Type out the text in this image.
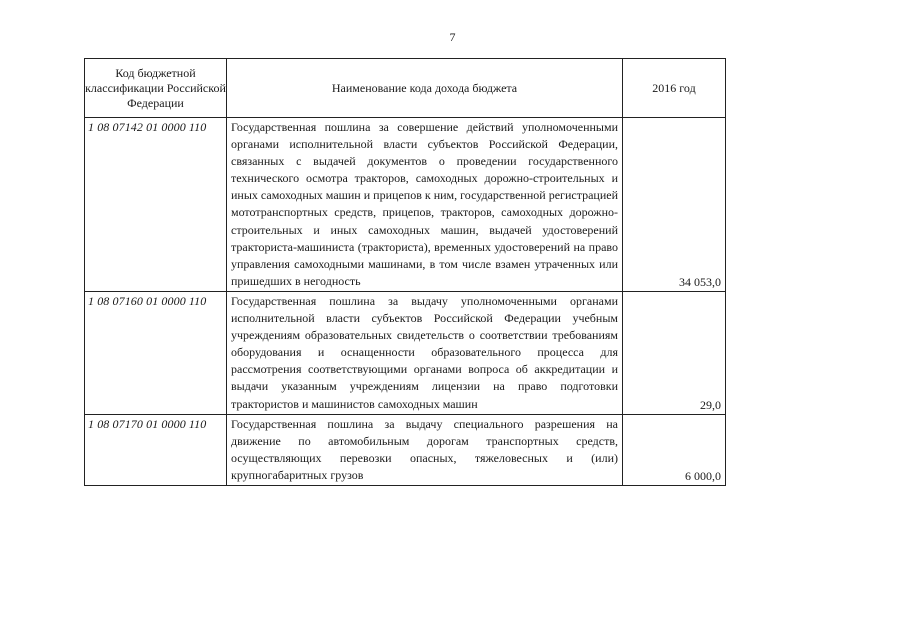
7
Код бюджетной классификации Российской Федерации	Наименование кода дохода бюджета	2016 год
1 08 07142 01 0000 110	Государственная пошлина за совершение действий уполномоченными органами исполнительной власти субъектов Российской Федерации, связанных с выдачей документов о проведении государственного технического осмотра тракторов, самоходных дорожно-строительных и иных самоходных машин и прицепов к ним, государственной регистрацией мототранспортных средств, прицепов, тракторов, самоходных дорожно-строительных и иных самоходных машин, выдачей удостоверений тракториста-машиниста (тракториста), временных удостоверений на право управления самоходными машинами, в том числе взамен утраченных или пришедших в негодность	34 053,0
1 08 07160 01 0000 110	Государственная пошлина за выдачу уполномоченными органами исполнительной власти субъектов Российской Федерации учебным учреждениям образовательных свидетельств о соответствии требованиям оборудования и оснащенности образовательного процесса для рассмотрения соответствующими органами вопроса об аккредитации и выдачи указанным учреждениям лицензии на право подготовки трактористов и машинистов самоходных машин	29,0
1 08 07170 01 0000 110	Государственная пошлина за выдачу специального разрешения на движение по автомобильным дорогам транспортных средств, осуществляющих перевозки опасных, тяжеловесных и (или) крупногабаритных грузов	6 000,0
